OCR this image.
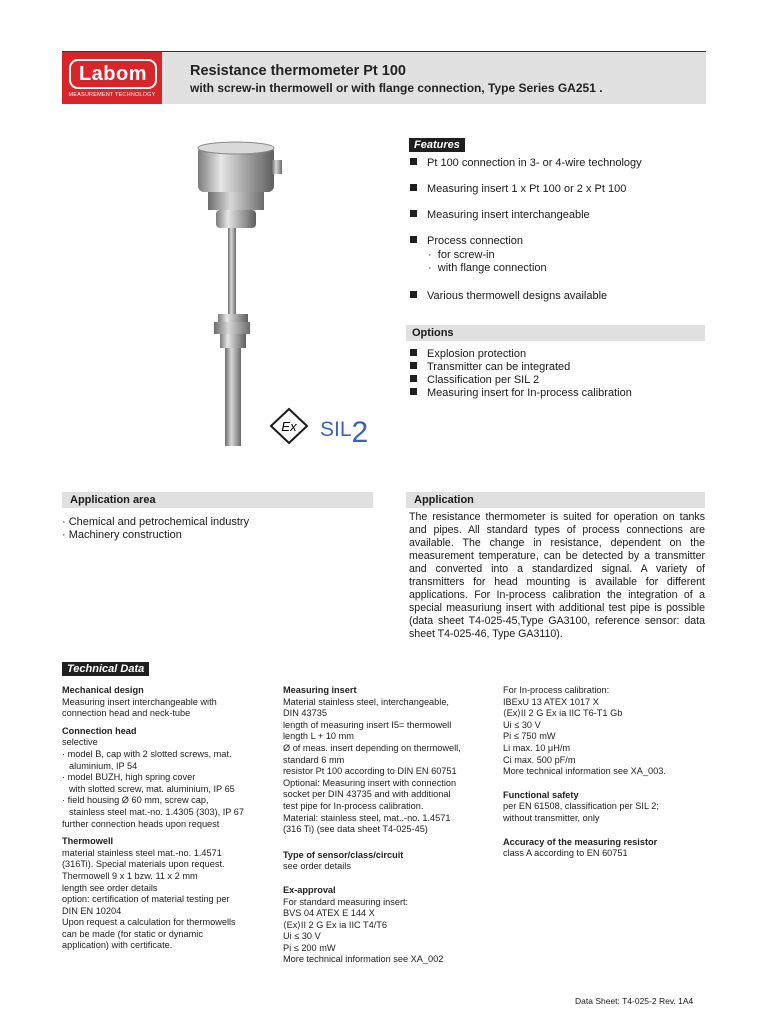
Labom
MEASUREMENT TECHNOLOGY
Resistance thermometer Pt 100
with screw-in thermowell or with flange connection, Type Series GA251 .
Ex SIL2
Features
Pt 100 connection in 3- or 4-wire technology
Measuring insert 1 x Pt 100 or 2 x Pt 100
Measuring insert interchangeable
Process connection
·  for screw-in
·  with flange connection
Various thermowell designs available
Options
Explosion protection
Transmitter can be integrated
Classification per SIL 2
Measuring insert for In-process calibration
Application area
· Chemical and petrochemical industry
· Machinery construction
Application
The resistance thermometer is suited for operation on tanks and pipes. All standard types of process connections are available. The change in resistance, dependent on the measurement temperature, can be detected by a transmitter and converted into a standardized signal. A variety of transmitters for head mounting is available for different applications. For In-process calibration the integration of a special measuriung insert with additional test pipe is possible (data sheet T4-025-45,Type GA3100, reference sensor: data sheet T4-025-46, Type GA3110).
Technical Data
Mechanical design
Measuring insert interchangeable with
connection head and neck-tube

Connection head
selective
· model B, cap with 2 slotted screws, mat.
aluminium, IP 54
· model BUZH, high spring cover
with slotted screw, mat. aluminium, IP 65
· field housing Ø 60 mm, screw cap,
stainless steel mat.-no. 1.4305 (303), IP 67
further connection heads upon request

Thermowell
material stainless steel mat.-no. 1.4571
(316Ti). Special materials upon request.
Thermowell 9 x 1 bzw. 11 x 2 mm
length see order details
option: certification of material testing per
DIN EN 10204
Upon request a calculation for thermowells
can be made (for static or dynamic
application) with certificate.
Measuring insert
Material stainless steel, interchangeable,
DIN 43735
length of measuring insert I5= thermowell
length L + 10 mm
Ø of meas. insert depending on thermowell,
standard 6 mm
resistor Pt 100 according to DIN EN 60751
Optional: Measuring insert with connection
socket per DIN 43735 and with additional
test pipe for In-process calibration.
Material: stainless steel, mat..-no. 1.4571
(316 Ti) (see data sheet T4-025-45)

Type of sensor/class/circuit
see order details

Ex-approval
For standard measuring insert:
BVS 04 ATEX E 144 X
⟨Ex⟩II 2 G Ex ia IIC T4/T6
Ui ≤ 30 V
Pi ≤ 200 mW
More technical information see XA_002
For In-process calibration:
IBExU 13 ATEX 1017 X
⟨Ex⟩II 2 G Ex ia IIC T6-T1 Gb
Ui ≤ 30 V
Pi ≤ 750 mW
Li max. 10 μH/m
Ci max. 500 pF/m
More technical information see XA_003.

Functional safety
per EN 61508, classification per SIL 2;
without transmitter, only

Accuracy of the measuring resistor
class A according to EN 60751
Data Sheet: T4-025-2 Rev. 1A4
